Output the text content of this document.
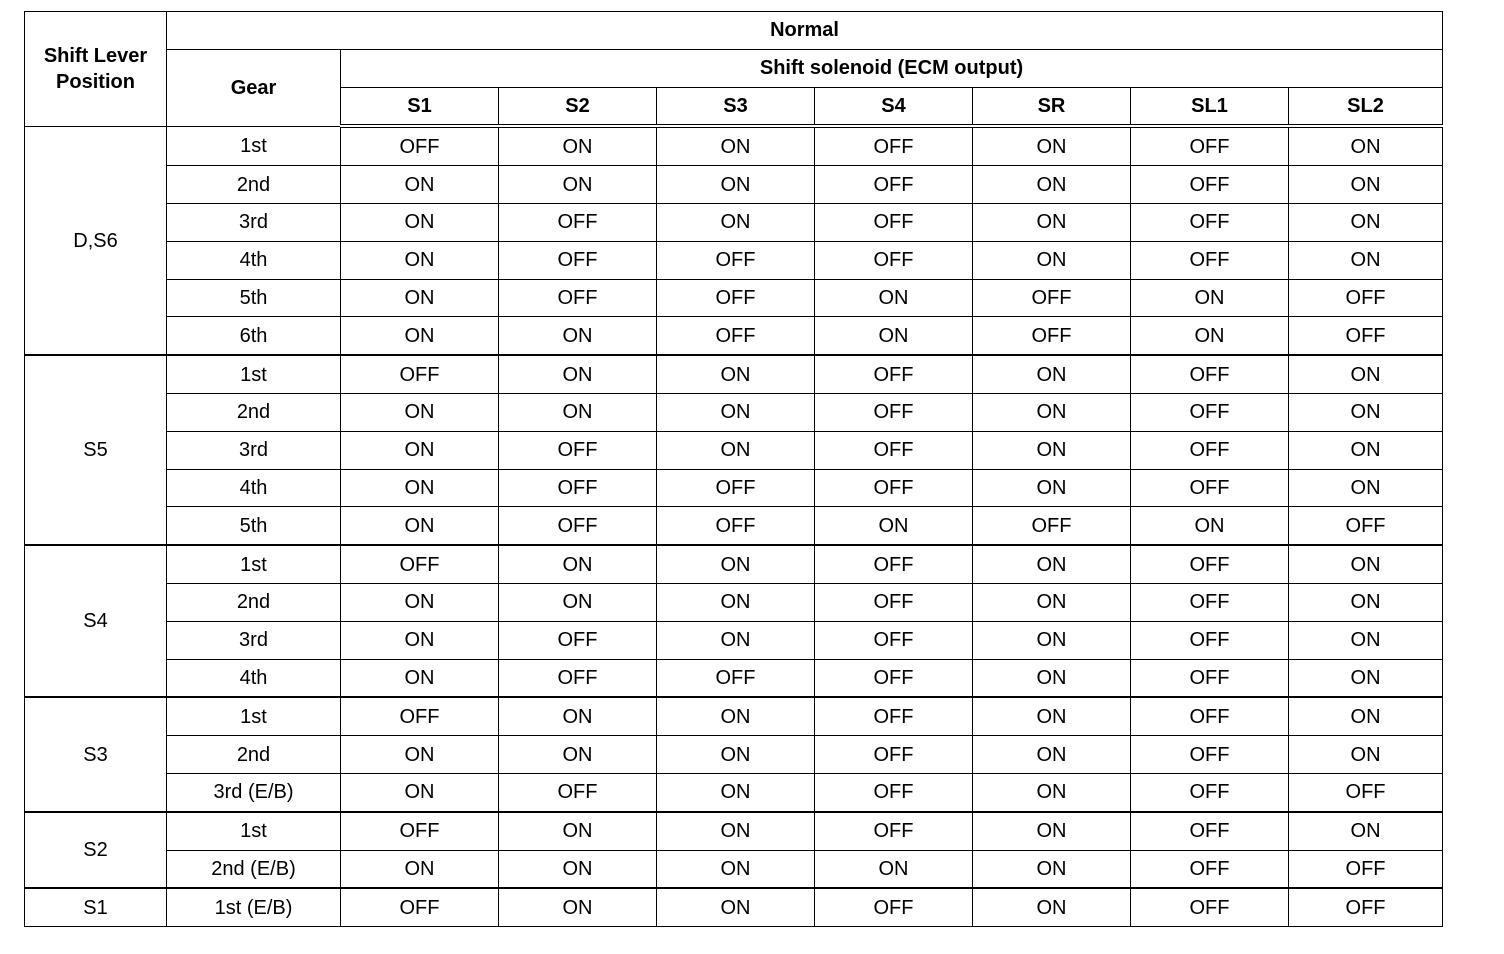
Shift Lever Position	Normal							
	Gear	Shift solenoid (ECM output)						
		S1	S2	S3	S4	SR	SL1	SL2
D,S6	1st	OFF	ON	ON	OFF	ON	OFF	ON
	2nd	ON	ON	ON	OFF	ON	OFF	ON
	3rd	ON	OFF	ON	OFF	ON	OFF	ON
	4th	ON	OFF	OFF	OFF	ON	OFF	ON
	5th	ON	OFF	OFF	ON	OFF	ON	OFF
	6th	ON	ON	OFF	ON	OFF	ON	OFF
S5	1st	OFF	ON	ON	OFF	ON	OFF	ON
	2nd	ON	ON	ON	OFF	ON	OFF	ON
	3rd	ON	OFF	ON	OFF	ON	OFF	ON
	4th	ON	OFF	OFF	OFF	ON	OFF	ON
	5th	ON	OFF	OFF	ON	OFF	ON	OFF
S4	1st	OFF	ON	ON	OFF	ON	OFF	ON
	2nd	ON	ON	ON	OFF	ON	OFF	ON
	3rd	ON	OFF	ON	OFF	ON	OFF	ON
	4th	ON	OFF	OFF	OFF	ON	OFF	ON
S3	1st	OFF	ON	ON	OFF	ON	OFF	ON
	2nd	ON	ON	ON	OFF	ON	OFF	ON
	3rd (E/B)	ON	OFF	ON	OFF	ON	OFF	OFF
S2	1st	OFF	ON	ON	OFF	ON	OFF	ON
	2nd (E/B)	ON	ON	ON	ON	ON	OFF	OFF
S1	1st (E/B)	OFF	ON	ON	OFF	ON	OFF	OFF
